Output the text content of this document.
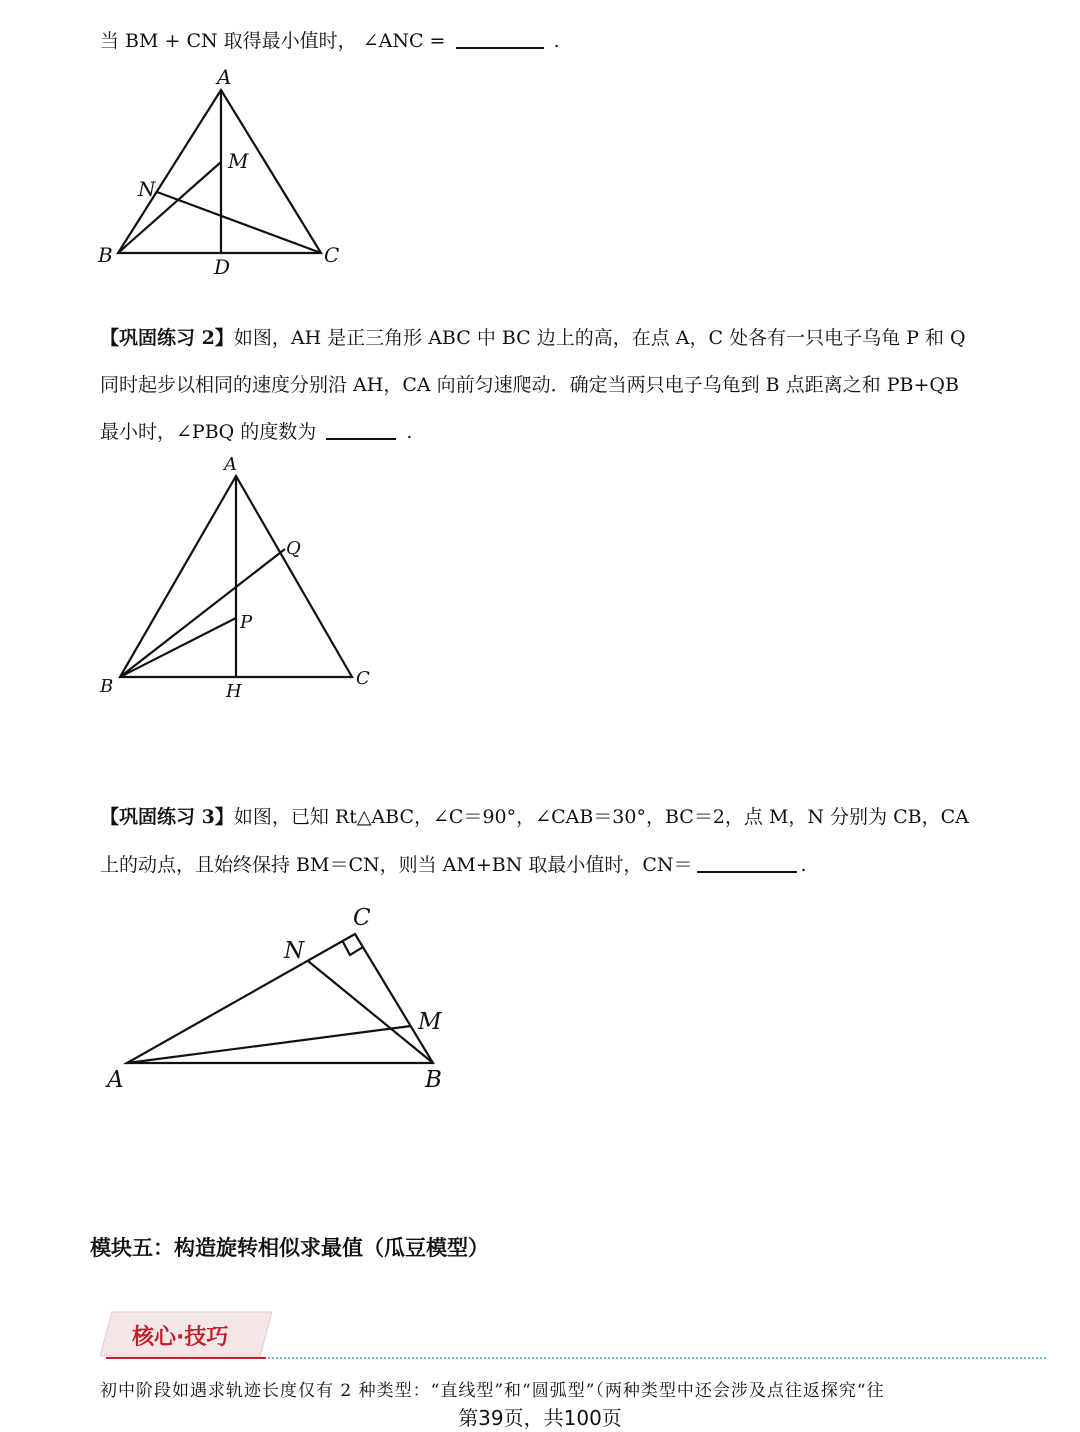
当 BM + CN 取得最小值时， ∠ANC =	.
A
M
N
B	D	C
【巩固练习 2】如图，AH 是正三角形 ABC 中 BC 边上的高，在点 A，C 处各有一只电子乌龟 P 和 Q
同时起步以相同的速度分别沿 AH，CA 向前匀速爬动．确定当两只电子乌龟到 B 点距离之和 PB+QB
最小时，∠PBQ 的度数为	.
A
Q
P
B	H
C
【巩固练习 3】如图，已知 Rt△ABC，∠C＝90°，∠CAB＝30°，BC＝2，点 M，N 分别为 CB，CA
上的动点，且始终保持 BM＝CN，则当 AM+BN 取最小值时，CN＝	.
C
N
M
A	B
模块五：构造旋转相似求最值（瓜豆模型）
核心·技巧
初中阶段如遇求轨迹长度仅有 2 种类型：“直线型”和“圆弧型”（两种类型中还会涉及点往返探究“往
第39页，共100页
